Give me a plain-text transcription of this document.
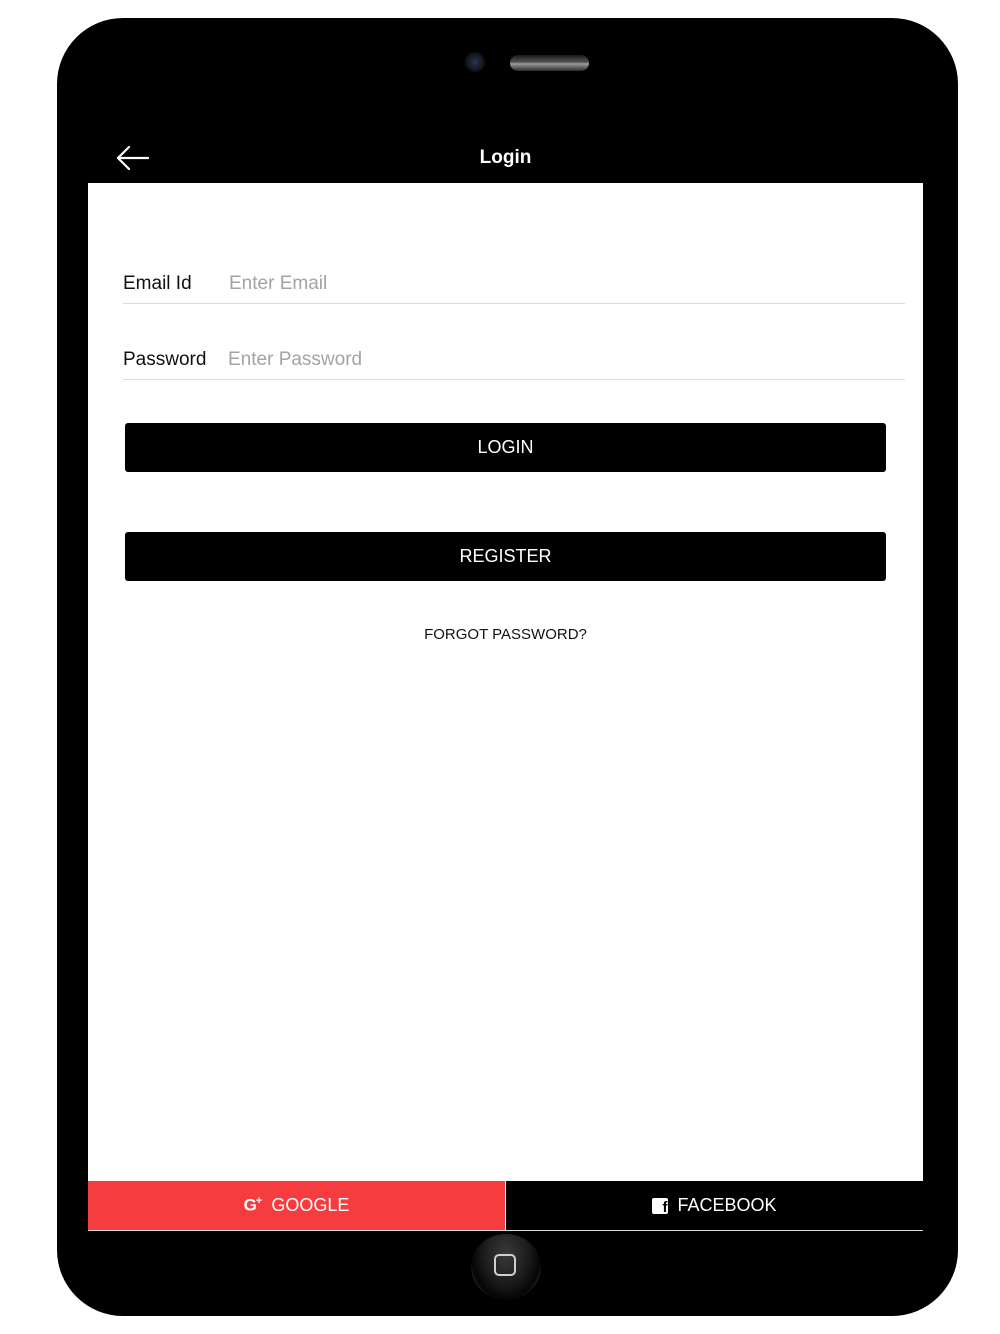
Login
Email Id
Enter Email
Password
LOGIN
REGISTER
FORGOT PASSWORD?
G+ GOOGLE	f FACEBOOK
